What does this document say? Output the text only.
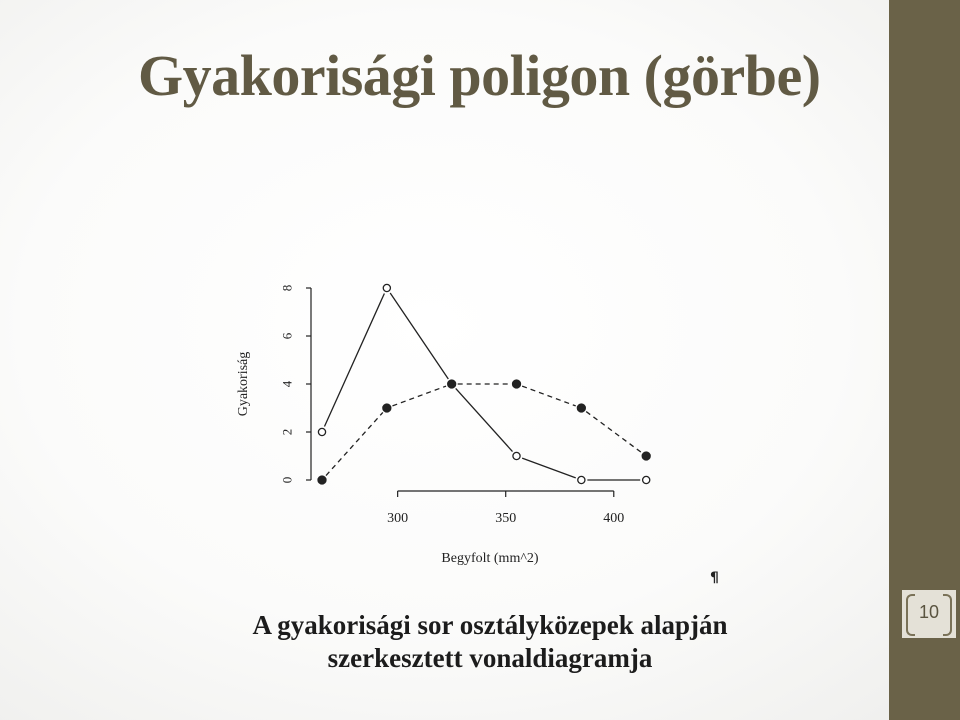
Gyakorisági poligon (görbe)
0
2
4
6
8
300	350	400
Begyfolt (mm^2)
Gyakoriság
¶

A gyakorisági sor osztályközepek alapján
szerkesztett vonaldiagramja

10
